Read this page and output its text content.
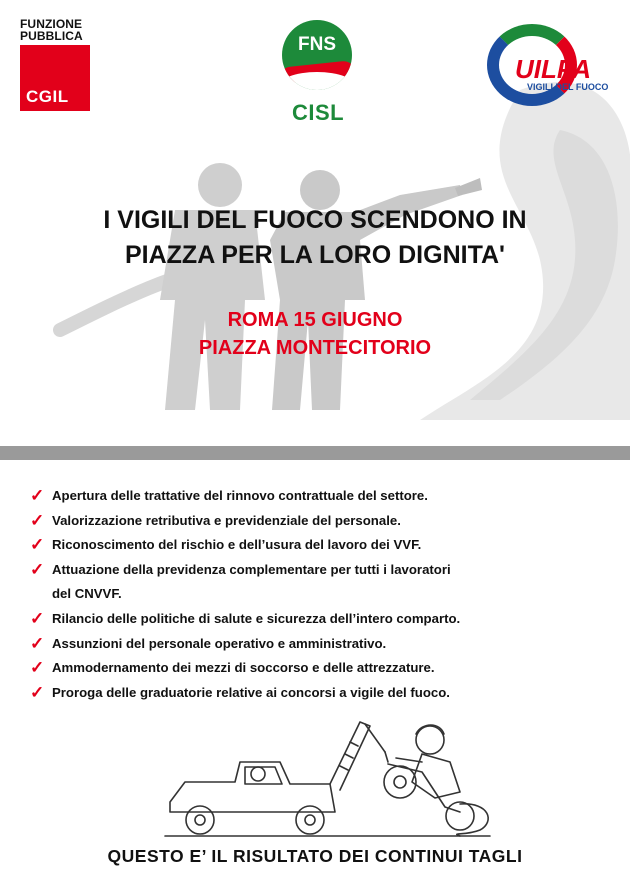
FUNZIONE
PUBBLICA
CGIL
FNS
CISL
UILPA
VIGILI DEL FUOCO
I VIGILI DEL FUOCO SCENDONO IN
PIAZZA PER LA LORO DIGNITA'
ROMA 15 GIUGNO
PIAZZA MONTECITORIO
✓ Apertura delle trattative del rinnovo contrattuale del settore.
✓ Valorizzazione retributiva e previdenziale del personale.
✓ Riconoscimento del rischio e dell’usura del lavoro dei VVF.
✓ Attuazione della previdenza complementare per tutti i lavoratori
del CNVVF.
✓ Rilancio delle politiche di salute e sicurezza dell’intero comparto.
✓ Assunzioni del personale operativo e amministrativo.
✓ Ammodernamento dei mezzi di soccorso e delle attrezzature.
✓ Proroga delle graduatorie relative ai concorsi a vigile del fuoco.
QUESTO E’ IL RISULTATO DEI CONTINUI TAGLI
